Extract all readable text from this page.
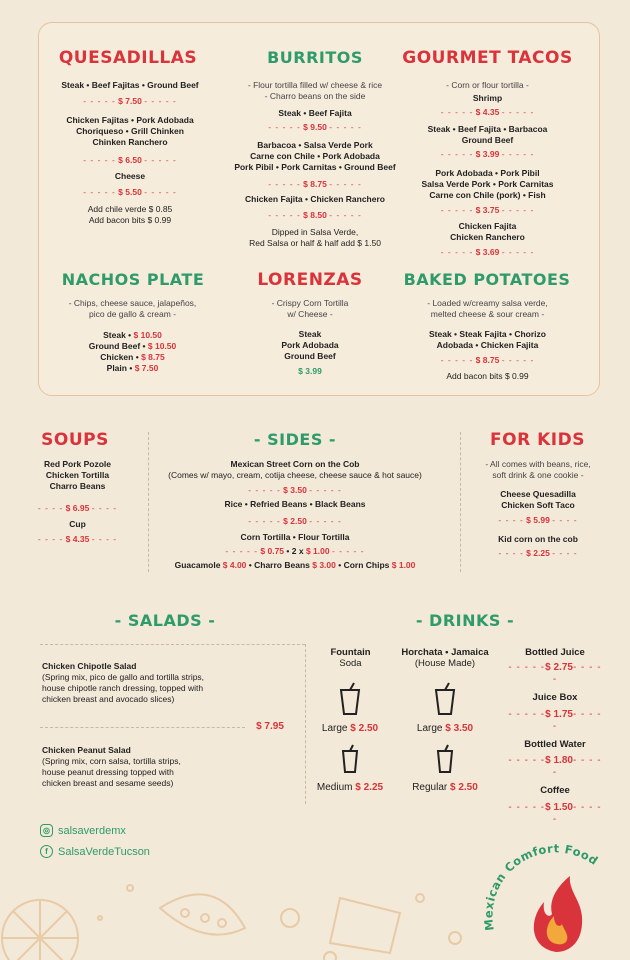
QUESADILLAS
Steak • Beef Fajitas • Ground Beef
- - - - - $ 7.50 - - - - -
Chicken Fajitas • Pork Adobada
Choriqueso • Grill Chinken
Chinken Ranchero
- - - - - $ 6.50 - - - - -
Cheese
- - - - - $ 5.50 - - - - -
Add chile verde $ 0.85
Add bacon bits $ 0.99
BURRITOS
- Flour tortilla filled w/ cheese & rice
- Charro beans on the side
Steak • Beef Fajita
- - - - - $ 9.50 - - - - -
Barbacoa • Salsa Verde Pork
Carne con Chile • Pork Adobada
Pork Pibil • Pork Carnitas • Ground Beef
- - - - - $ 8.75 - - - - -
Chicken Fajita • Chicken Ranchero
- - - - - $ 8.50 - - - - -
Dipped in Salsa Verde,
Red Salsa or half & half add $ 1.50
GOURMET TACOS
- Corn or flour tortilla -
Shrimp
- - - - - $ 4.35 - - - - -
Steak • Beef Fajita • Barbacoa
Ground Beef
- - - - - $ 3.99 - - - - -
Pork Adobada • Pork Pibil
Salsa Verde Pork • Pork Carnitas
Carne con Chile (pork) • Fish
- - - - - $ 3.75 - - - - -
Chicken Fajita
Chicken Ranchero
- - - - - $ 3.69 - - - - -
NACHOS PLATE
- Chips, cheese sauce, jalapeños,
pico de gallo & cream -
Steak • $ 10.50
Ground Beef • $ 10.50
Chicken • $ 8.75
Plain • $ 7.50
LORENZAS
- Crispy Corn Tortilla
w/ Cheese -
Steak
Pork Adobada
Ground Beef
$ 3.99
BAKED POTATOES
- Loaded w/creamy salsa verde,
melted cheese & sour cream -
Steak • Steak Fajita • Chorizo
Adobada • Chicken Fajita
- - - - - $ 8.75 - - - - -
Add bacon bits $ 0.99
SOUPS
Red Pork Pozole
Chicken Tortilla
Charro Beans
- - - - $ 6.95 - - - -
Cup
- - - - $ 4.35 - - - -
- SIDES -
Mexican Street Corn on the Cob
(Comes w/ mayo, cream, cotija cheese, cheese sauce & hot sauce)
- - - - - $ 3.50 - - - - -
Rice • Refried Beans • Black Beans
- - - - - $ 2.50 - - - - -
Corn Tortilla • Flour Tortilla
- - - - - $ 0.75 • 2 x $ 1.00 - - - - -
Guacamole $ 4.00 • Charro Beans $ 3.00 • Corn Chips $ 1.00
FOR KIDS
- All comes with beans, rice,
soft drink & one cookie -
Cheese Quesadilla
Chicken Soft Taco
- - - - $ 5.99 - - - -
Kid corn on the cob
- - - - $ 2.25 - - - -
- SALADS -
Chicken Chipotle Salad
(Spring mix, pico de gallo and tortilla strips,
house chipotle ranch dressing, topped with
chicken breast and avocado slices)
$ 7.95
Chicken Peanut Salad
(Spring mix, corn salsa, tortilla strips,
house peanut dressing topped with
chicken breast and sesame seeds)
- DRINKS -
Fountain
Soda
Horchata • Jamaica
(House Made)
Large $ 2.50	Large $ 3.50
Medium $ 2.25	Regular $ 2.50
Bottled Juice
- - - - -$ 2.75- - - - -
Juice Box
- - - - -$ 1.75- - - - -
Bottled Water
- - - - -$ 1.80- - - - -
Coffee
- - - - -$ 1.50- - - - -
◎ salsaverdemx
f SalsaVerdeTucson
Mexican Comfort Food
